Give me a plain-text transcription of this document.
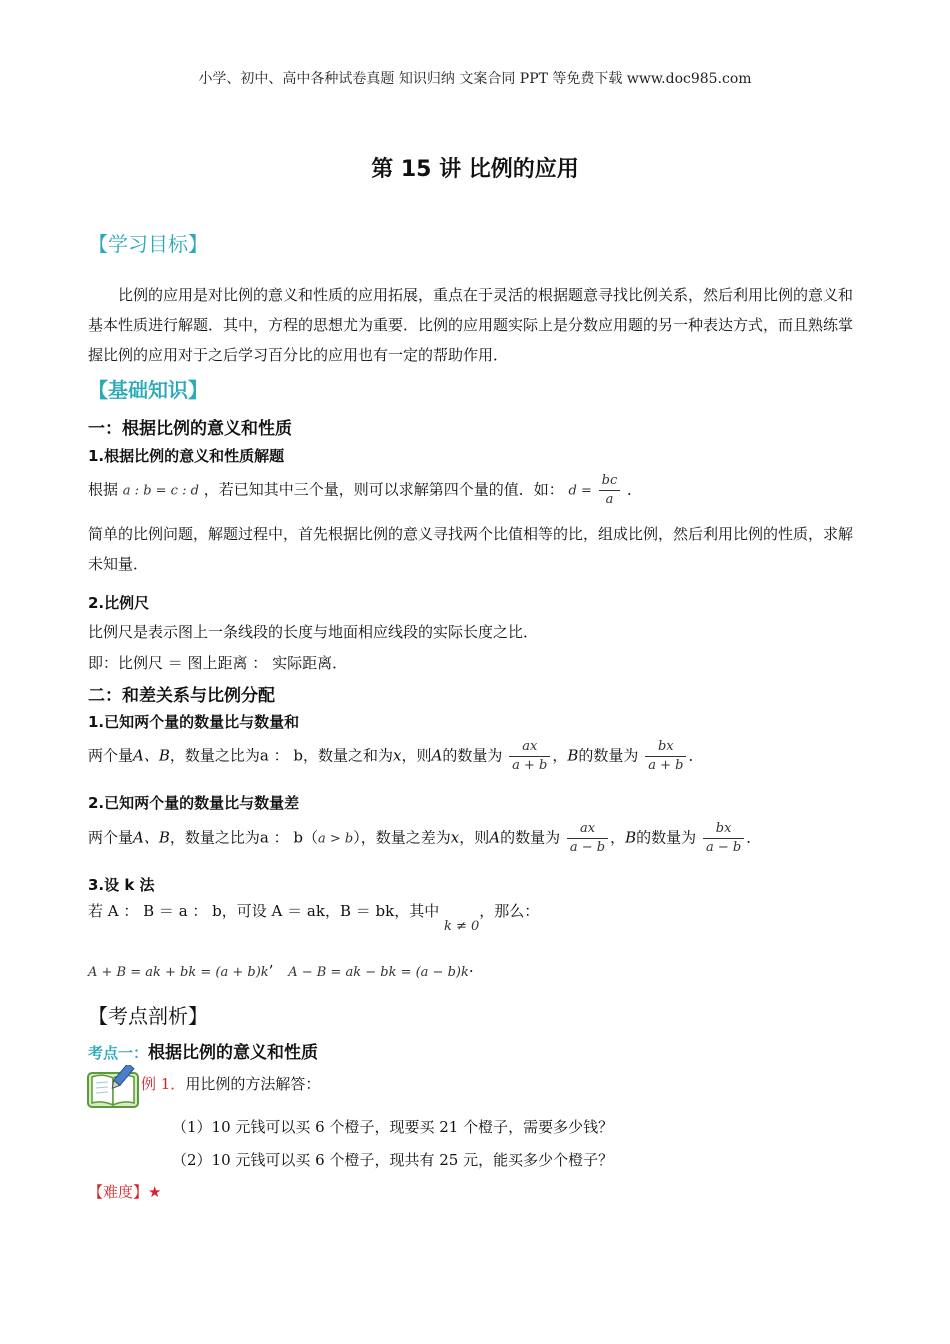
小学、初中、高中各种试卷真题 知识归纳 文案合同 PPT 等免费下载 www.doc985.com
第 15 讲 比例的应用
【学习目标】
比例的应用是对比例的意义和性质的应用拓展，重点在于灵活的根据题意寻找比例关系，然后利用比例的意义和基本性质进行解题．其中，方程的思想尤为重要．比例的应用题实际上是分数应用题的另一种表达方式，而且熟练掌握比例的应用对于之后学习百分比的应用也有一定的帮助作用．
【基础知识】
一：根据比例的意义和性质
1.根据比例的意义和性质解题
根据 a : b = c : d ，若已知其中三个量，则可以求解第四个量的值．如： $d = \frac{bc}{a}$ ．
简单的比例问题，解题过程中，首先根据比例的意义寻找两个比值相等的比，组成比例，然后利用比例的性质，求解未知量．
2.比例尺
比例尺是表示图上一条线段的长度与地面相应线段的实际长度之比．
即：比例尺 ＝ 图上距离 ： 实际距离．
二：和差关系与比例分配
1.已知两个量的数量比与数量和
两个量A、B，数量之比为a ： b，数量之和为x，则A的数量为 $\frac{ax}{a + b}$ ，B的数量为 $\frac{bx}{a + b}$ ．
2.已知两个量的数量比与数量差
两个量A、B，数量之比为a ： b（a > b），数量之差为x，则A的数量为 $\frac{ax}{a - b}$ ，B的数量为 $\frac{bx}{a - b}$ ．
3.设 k 法
若 A ： B ＝ a ： b，可设 A ＝ ak，B ＝ bk，其中 k ≠ 0，那么：
A + B = ak + bk = (a + b)k’ A − B = ak − bk = (a − b)k·
【考点剖析】
考点一：根据比例的意义和性质
例 1．用比例的方法解答：
（1）10 元钱可以买 6 个橙子，现要买 21 个橙子，需要多少钱？
（2）10 元钱可以买 6 个橙子，现共有 25 元，能买多少个橙子？
【难度】★
